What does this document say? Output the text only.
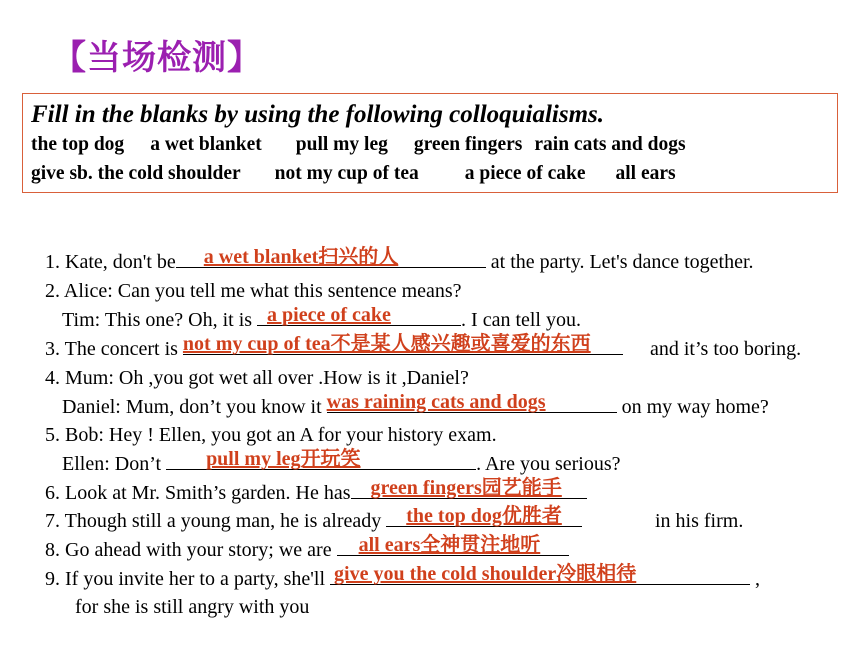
【当场检测】
Fill in the blanks by using the following colloquialisms.
the top dog a wet blanket pull my leg green fingers rain cats and dogs
give sb. the cold shoulder not my cup of tea a piece of cake all ears
1. Kate, don't be a wet blanket扫兴的人	at the party. Let's dance together.
2. Alice: Can you tell me what this sentence means?
Tim: This one? Oh, it is a piece of cake	. I can tell you.
3. The concert is not my cup of tea不是某人感兴趣或喜爱的东西	and it’s too boring.
4. Mum: Oh ,you got wet all over .How is it ,Daniel?
Daniel: Mum, don’t you know it was raining cats and dogs	on my way home?
5. Bob: Hey ! Ellen, you got an A for your history exam.
Ellen: Don’t pull my leg开玩笑	. Are you serious?
6. Look at Mr. Smith’s garden. He has green fingers园艺能手
7. Though still a young man, he is already the top dog优胜者	in his firm.
8. Go ahead with your story; we are all ears全神贯注地听
9. If you invite her to a party, she'll give you the cold shoulder冷眼相待	,
for she is still angry with you
